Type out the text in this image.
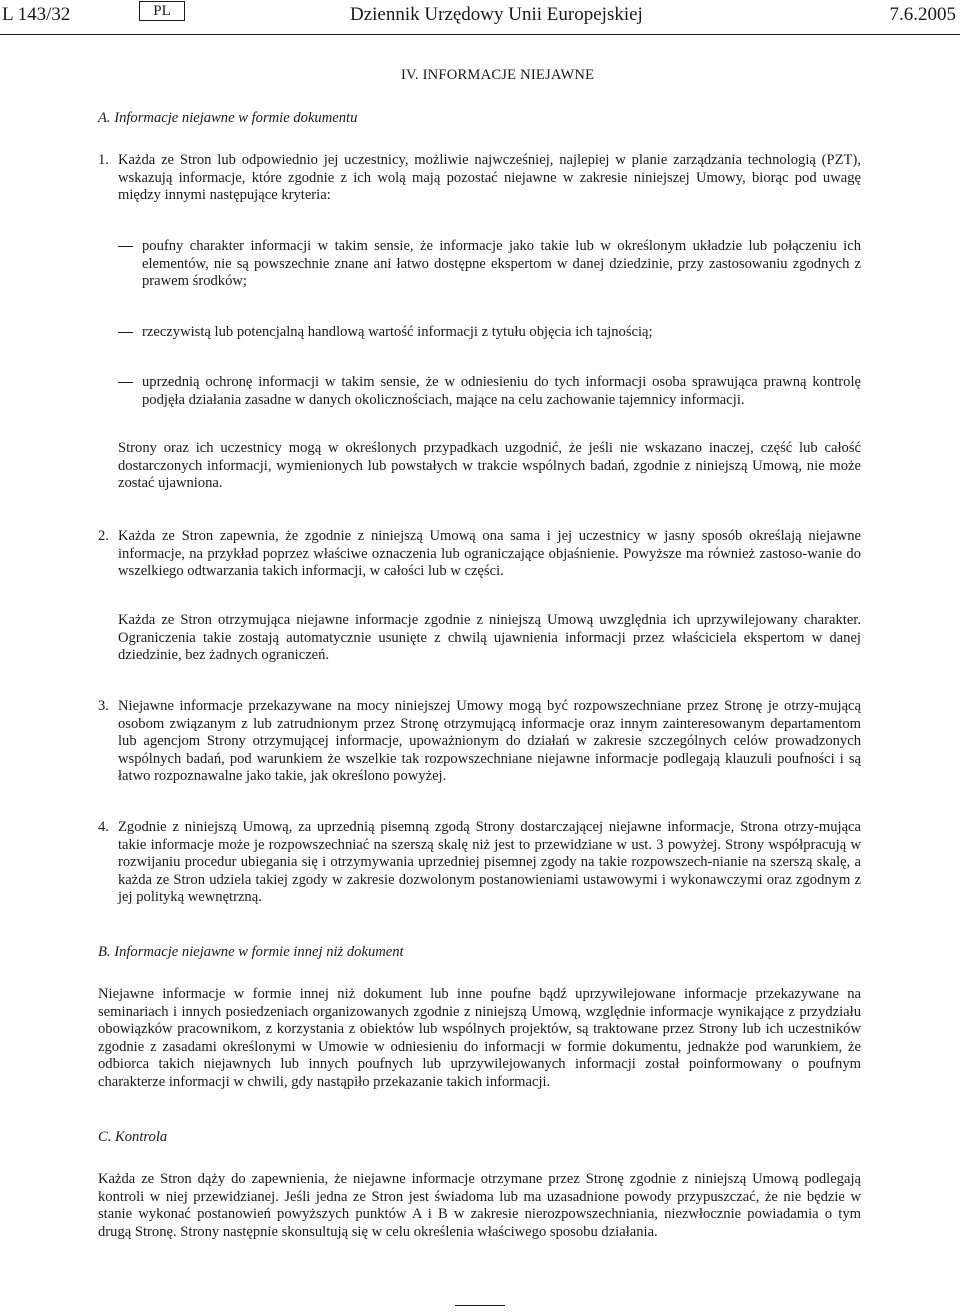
L 143/32	PL	Dziennik Urzędowy Unii Europejskiej	7.6.2005
IV. INFORMACJE NIEJAWNE
A. Informacje niejawne w formie dokumentu
1. Każda ze Stron lub odpowiednio jej uczestnicy, możliwie najwcześniej, najlepiej w planie zarządzania technologią (PZT), wskazują informacje, które zgodnie z ich wolą mają pozostać niejawne w zakresie niniejszej Umowy, biorąc pod uwagę między innymi następujące kryteria:
poufny charakter informacji w takim sensie, że informacje jako takie lub w określonym układzie lub połączeniu ich elementów, nie są powszechnie znane ani łatwo dostępne ekspertom w danej dziedzinie, przy zastosowaniu zgodnych z prawem środków;
rzeczywistą lub potencjalną handlową wartość informacji z tytułu objęcia ich tajnością;
uprzednią ochronę informacji w takim sensie, że w odniesieniu do tych informacji osoba sprawująca prawną kontrolę podjęła działania zasadne w danych okolicznościach, mające na celu zachowanie tajemnicy informacji.
Strony oraz ich uczestnicy mogą w określonych przypadkach uzgodnić, że jeśli nie wskazano inaczej, część lub całość dostarczonych informacji, wymienionych lub powstałych w trakcie wspólnych badań, zgodnie z niniejszą Umową, nie może zostać ujawniona.
2. Każda ze Stron zapewnia, że zgodnie z niniejszą Umową ona sama i jej uczestnicy w jasny sposób określają niejawne informacje, na przykład poprzez właściwe oznaczenia lub ograniczające objaśnienie. Powyższe ma również zastoso-wanie do wszelkiego odtwarzania takich informacji, w całości lub w części.
Każda ze Stron otrzymująca niejawne informacje zgodnie z niniejszą Umową uwzględnia ich uprzywilejowany charakter. Ograniczenia takie zostają automatycznie usunięte z chwilą ujawnienia informacji przez właściciela ekspertom w danej dziedzinie, bez żadnych ograniczeń.
3. Niejawne informacje przekazywane na mocy niniejszej Umowy mogą być rozpowszechniane przez Stronę je otrzy-mującą osobom związanym z lub zatrudnionym przez Stronę otrzymującą informacje oraz innym zainteresowanym departamentom lub agencjom Strony otrzymującej informacje, upoważnionym do działań w zakresie szczególnych celów prowadzonych wspólnych badań, pod warunkiem że wszelkie tak rozpowszechniane niejawne informacje podlegają klauzuli poufności i są łatwo rozpoznawalne jako takie, jak określono powyżej.
4. Zgodnie z niniejszą Umową, za uprzednią pisemną zgodą Strony dostarczającej niejawne informacje, Strona otrzy-mująca takie informacje może je rozpowszechniać na szerszą skalę niż jest to przewidziane w ust. 3 powyżej. Strony współpracują w rozwijaniu procedur ubiegania się i otrzymywania uprzedniej pisemnej zgody na takie rozpowszech-nianie na szerszą skalę, a każda ze Stron udziela takiej zgody w zakresie dozwolonym postanowieniami ustawowymi i wykonawczymi oraz zgodnym z jej polityką wewnętrzną.
B. Informacje niejawne w formie innej niż dokument
Niejawne informacje w formie innej niż dokument lub inne poufne bądź uprzywilejowane informacje przekazywane na seminariach i innych posiedzeniach organizowanych zgodnie z niniejszą Umową, względnie informacje wynikające z przydziału obowiązków pracownikom, z korzystania z obiektów lub wspólnych projektów, są traktowane przez Strony lub ich uczestników zgodnie z zasadami określonymi w Umowie w odniesieniu do informacji w formie dokumentu, jednakże pod warunkiem, że odbiorca takich niejawnych lub innych poufnych lub uprzywilejowanych informacji został poinformowany o poufnym charakterze informacji w chwili, gdy nastąpiło przekazanie takich informacji.
C. Kontrola
Każda ze Stron dąży do zapewnienia, że niejawne informacje otrzymane przez Stronę zgodnie z niniejszą Umową podlegają kontroli w niej przewidzianej. Jeśli jedna ze Stron jest świadoma lub ma uzasadnione powody przypuszczać, że nie będzie w stanie wykonać postanowień powyższych punktów A i B w zakresie nierozpowszechniania, niezwłocznie powiadamia o tym drugą Stronę. Strony następnie skonsultują się w celu określenia właściwego sposobu działania.
